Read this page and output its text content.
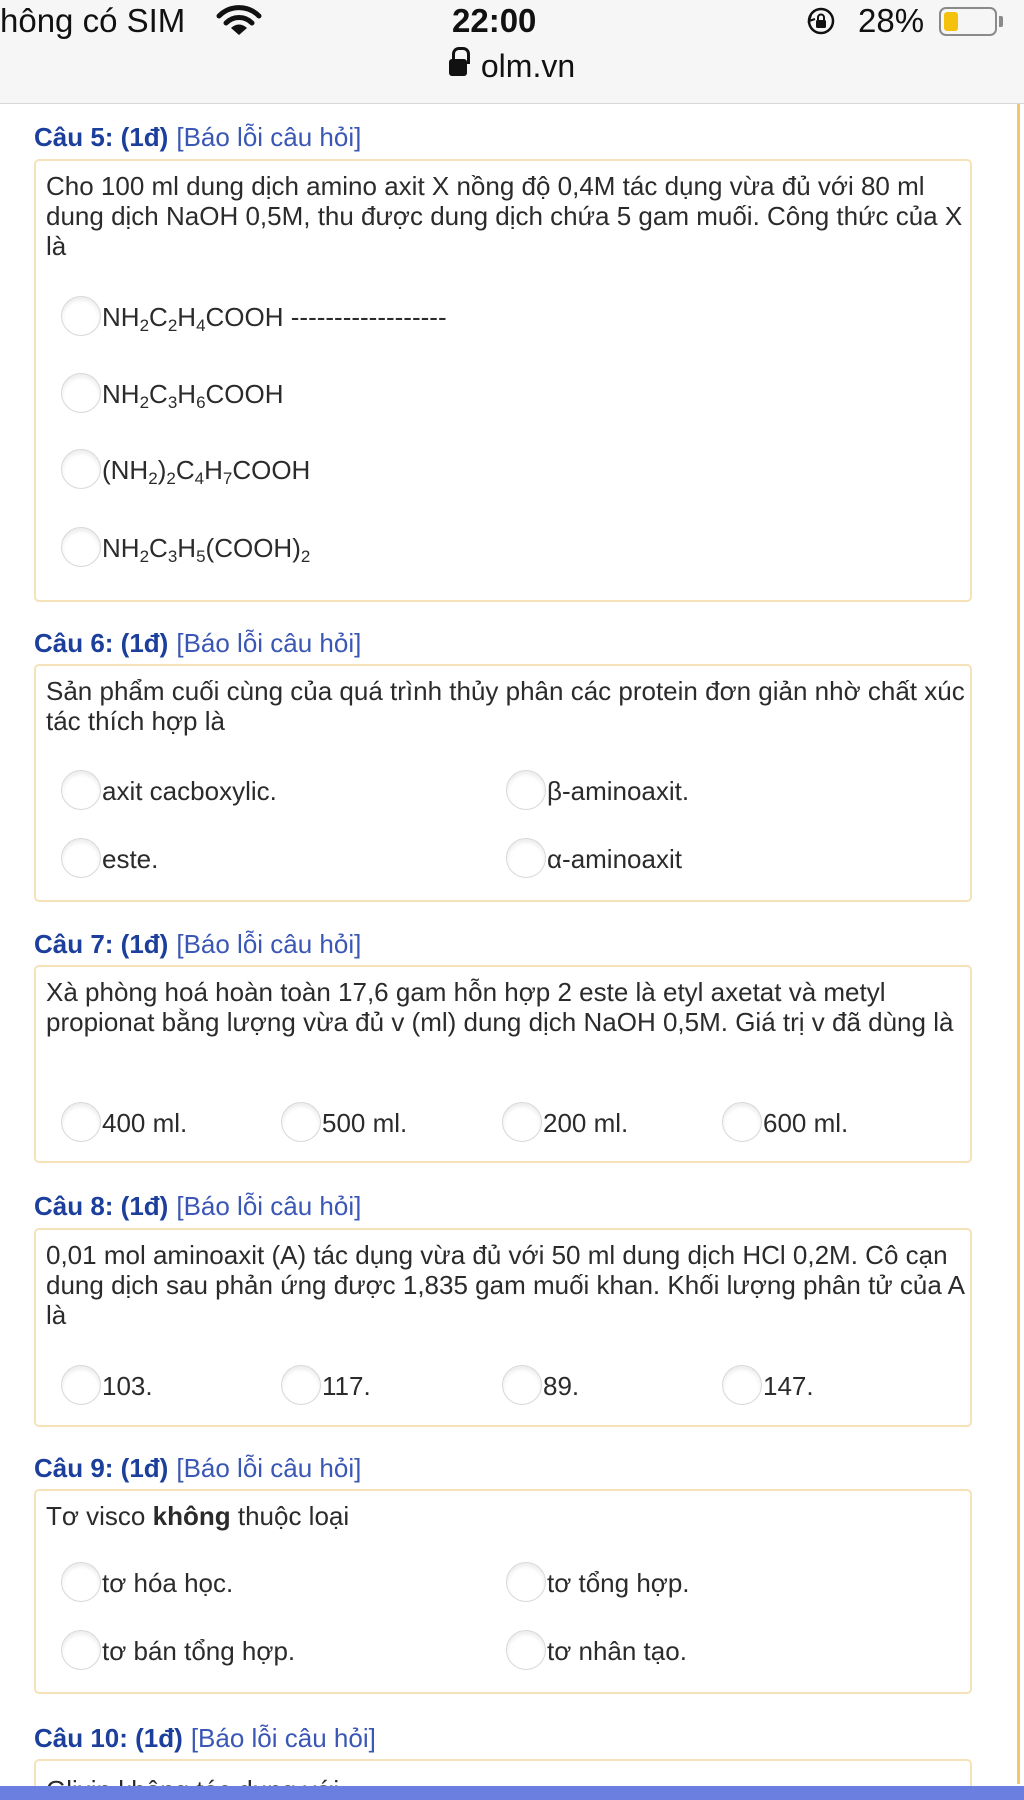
hông có SIM	22:00	28%
olm.vn
Câu 5: (1đ) [Báo lỗi câu hỏi]
Cho 100 ml dung dịch amino axit X nồng độ 0,4M tác dụng vừa đủ với 80 ml dung dịch NaOH 0,5M, thu được dung dịch chứa 5 gam muối. Công thức của X là
$NH_2C_2H_4COOH$ ------------------
$NH_2C_3H_6COOH$
$(NH_2)_2C_4H_7COOH$
$NH_2C_3H_5(COOH)_2$
Câu 6: (1đ) [Báo lỗi câu hỏi]
Sản phẩm cuối cùng của quá trình thủy phân các protein đơn giản nhờ chất xúc tác thích hợp là
axit cacboxylic.	β-aminoaxit.
este.	α-aminoaxit
Câu 7: (1đ) [Báo lỗi câu hỏi]
Xà phòng hoá hoàn toàn 17,6 gam hỗn hợp 2 este là etyl axetat và metyl propionat bằng lượng vừa đủ v (ml) dung dịch NaOH 0,5M. Giá trị v đã dùng là
400 ml.	500 ml.	200 ml.	600 ml.
Câu 8: (1đ) [Báo lỗi câu hỏi]
0,01 mol aminoaxit (A) tác dụng vừa đủ với 50 ml dung dịch HCl 0,2M. Cô cạn dung dịch sau phản ứng được 1,835 gam muối khan. Khối lượng phân tử của A là
103.	117.	89.	147.
Câu 9: (1đ) [Báo lỗi câu hỏi]
Tơ visco không thuộc loại
tơ hóa học.	tơ tổng hợp.
tơ bán tổng hợp.	tơ nhân tạo.
Câu 10: (1đ) [Báo lỗi câu hỏi]
